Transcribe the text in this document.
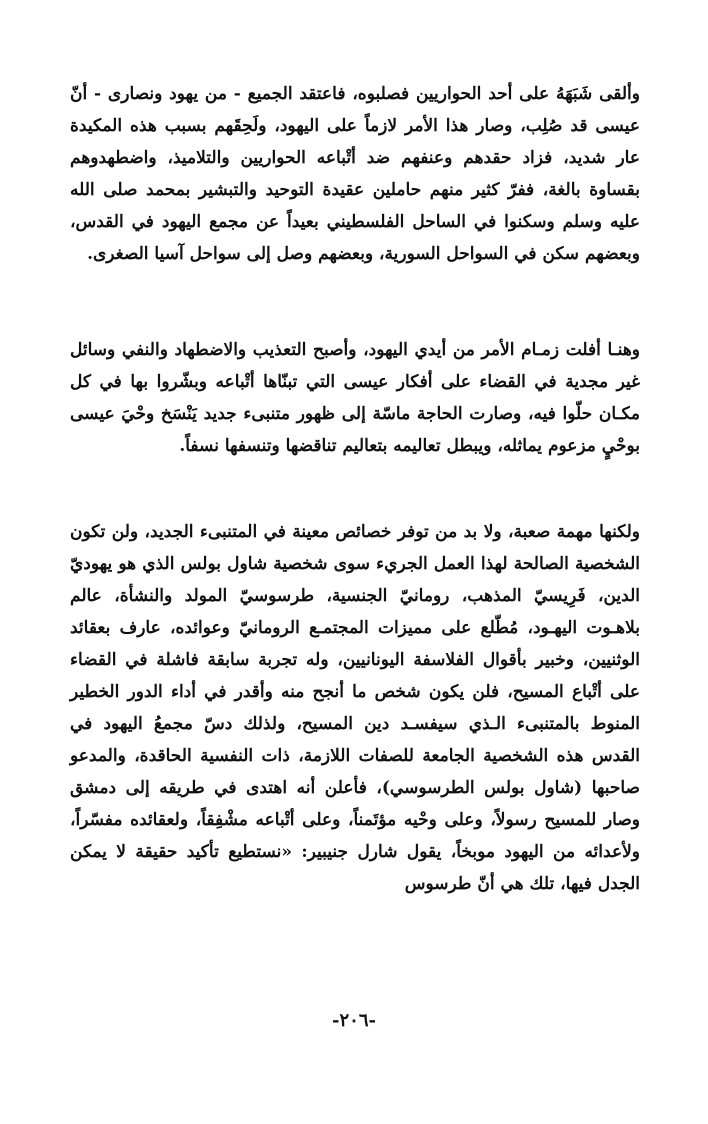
وألقى شَبَهَهُ على أحد الحواريين فصلبوه، فاعتقد الجميع - من يهود ونصارى - أنّ عيسى قد صُلِب، وصار هذا الأمر لازماً على اليهود، ولَحِقَهم بسبب هذه المكيدة عار شديد، فزاد حقدهم وعنفهم ضد أتْباعه الحواريين والتلاميذ، واضطهدوهم بقساوة بالغة، ففرّ كثير منهم حاملين عقيدة التوحيد والتبشير بمحمد صلى الله عليه وسلم وسكنوا في الساحل الفلسطيني بعيداً عن مجمع اليهود في القدس، وبعضهم سكن في السواحل السورية، وبعضهم وصل إلى سواحل آسيا الصغرى.

وهنـا أفلت زمـام الأمر من أيدي اليهود، وأصبح التعذيب والاضطهاد والنفي وسائل غير مجدية في القضاء على أفكار عيسى التي تبنّاها أتْباعه وبشّروا بها في كل مكـان حلّوا فيه، وصارت الحاجة ماسّة إلى ظهور متنبىء جديد يَنْسَخ وحْيَ عيسى بوحْيٍ مزعوم يماثله، ويبطل تعاليمه بتعاليم تناقضها وتنسفها نسفاً.

ولكنها مهمة صعبة، ولا بد من توفر خصائص معينة في المتنبىء الجديد، ولن تكون الشخصية الصالحة لهذا العمل الجريء سوى شخصية شاول بولس الذي هو يهوديّ الدين، فَرِيسيّ المذهب، رومانيّ الجنسية، طرسوسيّ المولد والنشأة، عالم بلاهـوت اليهـود، مُطّلع على مميزات المجتمـع الرومانيّ وعوائده، عارف بعقائد الوثنيين، وخبير بأقوال الفلاسفة اليونانيين، وله تجربة سابقة فاشلة في القضاء على أتْباع المسيح، فلن يكون شخص ما أنجح منه وأقدر في أداء الدور الخطير المنوط بالمتنبىء الـذي سيفسـد دين المسيح، ولذلك دسّ مجمعُ اليهود في القدس هذه الشخصية الجامعة للصفات اللازمة، ذات النفسية الحاقدة، والمدعو صاحبها (شاول بولس الطرسوسي)، فأعلن أنه اهتدى في طريقه إلى دمشق وصار للمسيح رسولاً، وعلى وحْيه مؤتَمناً، وعلى أتْباعه مشْفِقاً، ولعقائده مفسّراً، ولأعدائه من اليهود موبخاً، يقول شارل جنيبير: «نستطيع تأكيد حقيقة لا يمكن الجدل فيها، تلك هي أنّ طرسوس

-٢٠٦-
